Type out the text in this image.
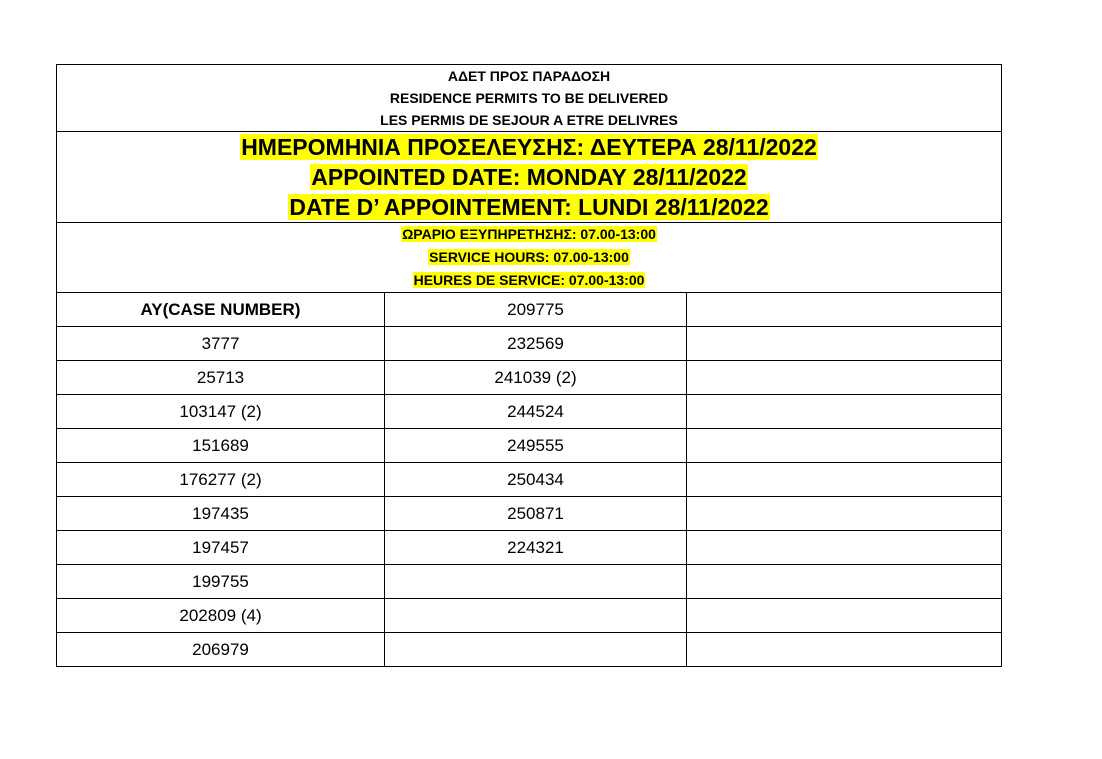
ΑΔΕΤ ΠΡΟΣ ΠΑΡΑΔΟΣΗ
RESIDENCE PERMITS TO BE DELIVERED
LES PERMIS DE SEJOUR A ETRE DELIVRES		

ΗΜΕΡΟΜΗΝΙΑ ΠΡΟΣΕΛΕΥΣΗΣ: ΔΕΥΤΕΡΑ 28/11/2022
APPOINTED DATE: MONDAY 28/11/2022
DATE D’ APPOINTEMENT: LUNDI 28/11/2022		

ΩΡΑΡΙΟ ΕΞΥΠΗΡΕΤΗΣΗΣ: 07.00-13:00
SERVICE HOURS: 07.00-13:00
HEURES DE SERVICE: 07.00-13:00		

AY(CASE NUMBER)	209775	
3777	232569	
25713	241039 (2)	
103147 (2)	244524	
151689	249555	
176277 (2)	250434	
197435	250871	
197457	224321	
199755		
202809 (4)		
206979		
